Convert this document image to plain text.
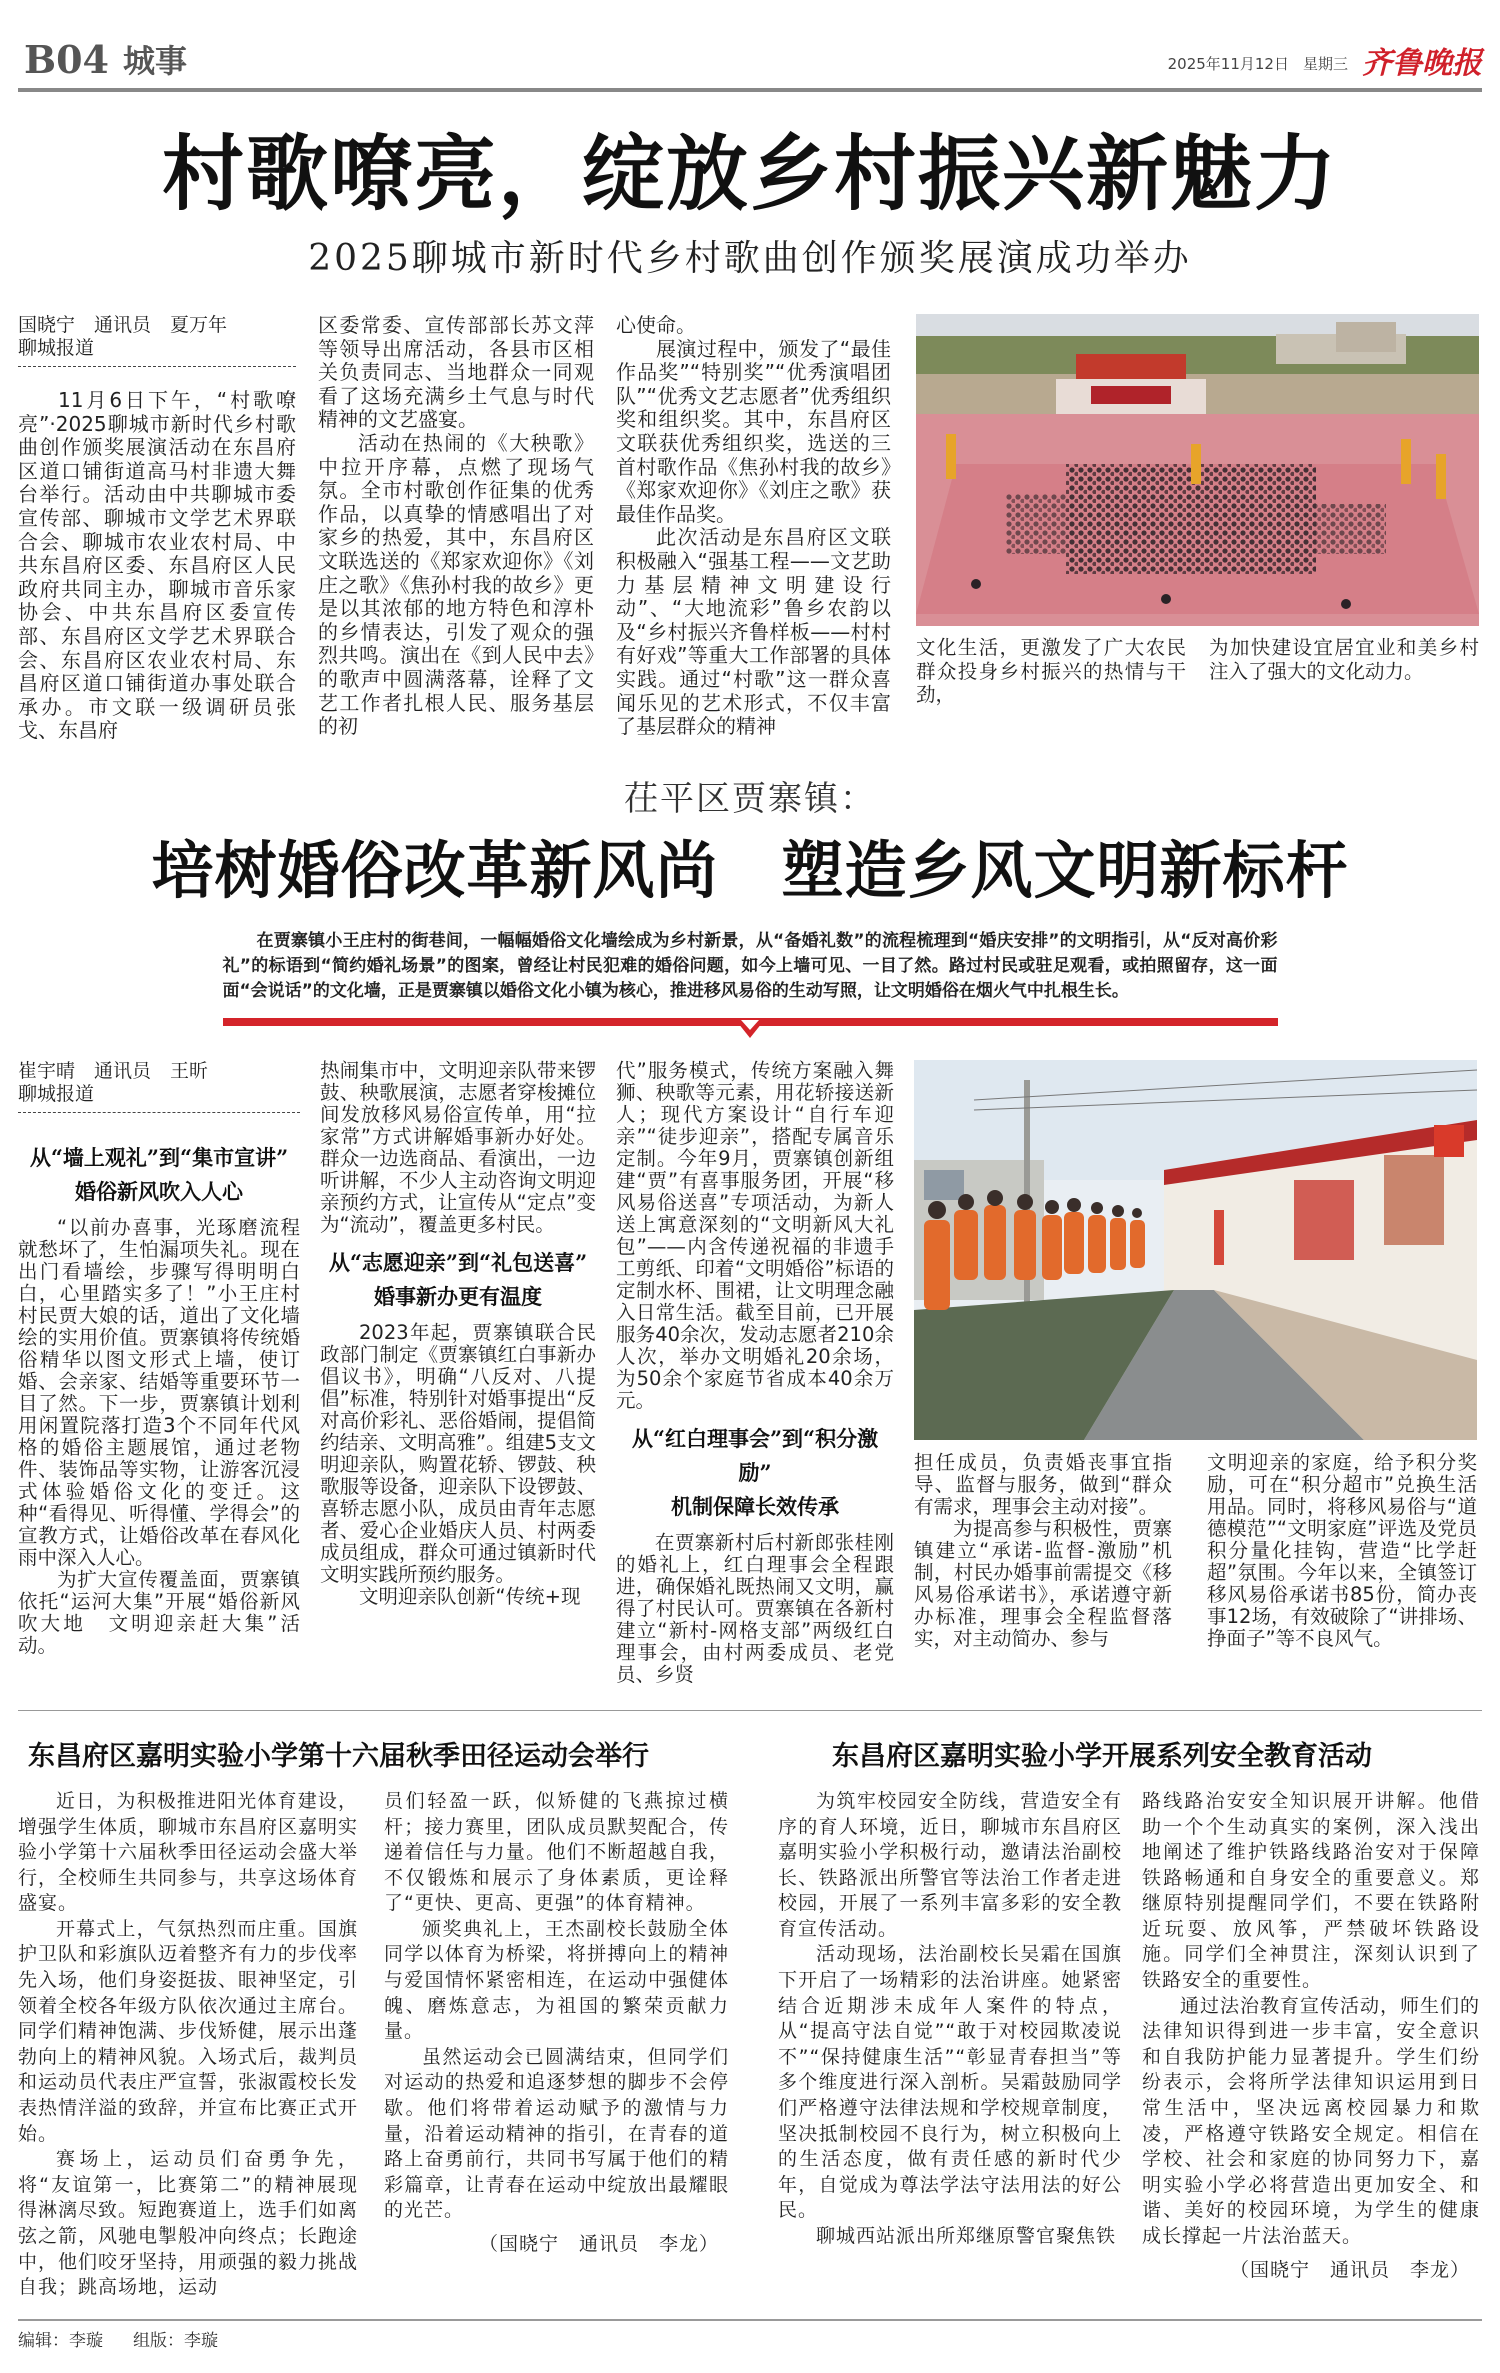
B04 城事	2025年11月12日 星期三 齐鲁晚报
村歌嘹亮，绽放乡村振兴新魅力
2025聊城市新时代乡村歌曲创作颁奖展演成功举办
国晓宁　通讯员　夏万年
聊城报道

11月6日下午，“村歌嘹亮”·2025聊城市新时代乡村歌曲创作颁奖展演活动在东昌府区道口铺街道高马村非遗大舞台举行。活动由中共聊城市委宣传部、聊城市文学艺术界联合会、聊城市农业农村局、中共东昌府区委、东昌府区人民政府共同主办，聊城市音乐家协会、中共东昌府区委宣传部、东昌府区文学艺术界联合会、东昌府区农业农村局、东昌府区道口铺街道办事处联合承办。市文联一级调研员张戈、东昌府

区委常委、宣传部部长苏文萍等领导出席活动，各县市区相关负责同志、当地群众一同观看了这场充满乡土气息与时代精神的文艺盛宴。

活动在热闹的《大秧歌》中拉开序幕，点燃了现场气氛。全市村歌创作征集的优秀作品，以真挚的情感唱出了对家乡的热爱，其中，东昌府区文联选送的《郑家欢迎你》《刘庄之歌》《焦孙村我的故乡》更是以其浓郁的地方特色和淳朴的乡情表达，引发了观众的强烈共鸣。演出在《到人民中去》的歌声中圆满落幕，诠释了文艺工作者扎根人民、服务基层的初

心使命。

展演过程中，颁发了“最佳作品奖”“特别奖”“优秀演唱团队”“优秀文艺志愿者”优秀组织奖和组织奖。其中，东昌府区文联获优秀组织奖，选送的三首村歌作品《焦孙村我的故乡》《郑家欢迎你》《刘庄之歌》获最佳作品奖。

此次活动是东昌府区文联积极融入“强基工程——文艺助力基层精神文明建设行动”、“大地流彩”鲁乡农韵以及“乡村振兴齐鲁样板——村村有好戏”等重大工作部署的具体实践。通过“村歌”这一群众喜闻乐见的艺术形式，不仅丰富了基层群众的精神

文化生活，更激发了广大农民群众投身乡村振兴的热情与干劲，

为加快建设宜居宜业和美乡村注入了强大的文化动力。

茌平区贾寨镇：
培树婚俗改革新风尚　塑造乡风文明新标杆
在贾寨镇小王庄村的街巷间，一幅幅婚俗文化墙绘成为乡村新景，从“备婚礼数”的流程梳理到“婚庆安排”的文明指引，从“反对高价彩礼”的标语到“简约婚礼场景”的图案，曾经让村民犯难的婚俗问题，如今上墙可见、一目了然。路过村民或驻足观看，或拍照留存，这一面面“会说话”的文化墙，正是贾寨镇以婚俗文化小镇为核心，推进移风易俗的生动写照，让文明婚俗在烟火气中扎根生长。
崔宇晴　通讯员　王昕
聊城报道
从“墙上观礼”到“集市宣讲”
婚俗新风吹入人心

“以前办喜事，光琢磨流程就愁坏了，生怕漏项失礼。现在出门看墙绘，步骤写得明明白白，心里踏实多了！”小王庄村村民贾大娘的话，道出了文化墙绘的实用价值。贾寨镇将传统婚俗精华以图文形式上墙，使订婚、会亲家、结婚等重要环节一目了然。下一步，贾寨镇计划利用闲置院落打造3个不同年代风格的婚俗主题展馆，通过老物件、装饰品等实物，让游客沉浸式体验婚俗文化的变迁。这种“看得见、听得懂、学得会”的宣教方式，让婚俗改革在春风化雨中深入人心。

为扩大宣传覆盖面，贾寨镇依托“运河大集”开展“婚俗新风吹大地　文明迎亲赶大集”活动。

热闹集市中，文明迎亲队带来锣鼓、秧歌展演，志愿者穿梭摊位间发放移风易俗宣传单，用“拉家常”方式讲解婚事新办好处。群众一边选商品、看演出，一边听讲解，不少人主动咨询文明迎亲预约方式，让宣传从“定点”变为“流动”，覆盖更多村民。

从“志愿迎亲”到“礼包送喜”
婚事新办更有温度

2023年起，贾寨镇联合民政部门制定《贾寨镇红白事新办倡议书》，明确“八反对、八提倡”标准，特别针对婚事提出“反对高价彩礼、恶俗婚闹，提倡简约结亲、文明高雅”。组建5支文明迎亲队，购置花轿、锣鼓、秧歌服等设备，迎亲队下设锣鼓、喜轿志愿小队，成员由青年志愿者、爱心企业婚庆人员、村两委成员组成，群众可通过镇新时代文明实践所预约服务。

文明迎亲队创新“传统+现

代”服务模式，传统方案融入舞狮、秧歌等元素，用花轿接送新人；现代方案设计“自行车迎亲”“徒步迎亲”，搭配专属音乐定制。今年9月，贾寨镇创新组建“贾”有喜事服务团，开展“移风易俗送喜”专项活动，为新人送上寓意深刻的“文明新风大礼包”——内含传递祝福的非遗手工剪纸、印着“文明婚俗”标语的定制水杯、围裙，让文明理念融入日常生活。截至目前，已开展服务40余次，发动志愿者210余人次，举办文明婚礼20余场，为50余个家庭节省成本40余万元。

从“红白理事会”到“积分激励”
机制保障长效传承

在贾寨新村后村新郎张桂刚的婚礼上，红白理事会全程跟进，确保婚礼既热闹又文明，赢得了村民认可。贾寨镇在各新村建立“新村-网格支部”两级红白理事会，由村两委成员、老党员、乡贤

担任成员，负责婚丧事宜指导、监督与服务，做到“群众有需求，理事会主动对接”。

为提高参与积极性，贾寨镇建立“承诺-监督-激励”机制，村民办婚事前需提交《移风易俗承诺书》，承诺遵守新办标准，理事会全程监督落实，对主动简办、参与

文明迎亲的家庭，给予积分奖励，可在“积分超市”兑换生活用品。同时，将移风易俗与“道德模范”“文明家庭”评选及党员积分量化挂钩，营造“比学赶超”氛围。今年以来，全镇签订移风易俗承诺书85份，简办丧事12场，有效破除了“讲排场、挣面子”等不良风气。

东昌府区嘉明实验小学第十六届秋季田径运动会举行

近日，为积极推进阳光体育建设，增强学生体质，聊城市东昌府区嘉明实验小学第十六届秋季田径运动会盛大举行，全校师生共同参与，共享这场体育盛宴。

开幕式上，气氛热烈而庄重。国旗护卫队和彩旗队迈着整齐有力的步伐率先入场，他们身姿挺拔、眼神坚定，引领着全校各年级方队依次通过主席台。同学们精神饱满、步伐矫健，展示出蓬勃向上的精神风貌。入场式后，裁判员和运动员代表庄严宣誓，张淑霞校长发表热情洋溢的致辞，并宣布比赛正式开始。

赛场上，运动员们奋勇争先，将“友谊第一，比赛第二”的精神展现得淋漓尽致。短跑赛道上，选手们如离弦之箭，风驰电掣般冲向终点；长跑途中，他们咬牙坚持，用顽强的毅力挑战自我；跳高场地，运动

员们轻盈一跃，似矫健的飞燕掠过横杆；接力赛里，团队成员默契配合，传递着信任与力量。他们不断超越自我，不仅锻炼和展示了身体素质，更诠释了“更快、更高、更强”的体育精神。

颁奖典礼上，王杰副校长鼓励全体同学以体育为桥梁，将拼搏向上的精神与爱国情怀紧密相连，在运动中强健体魄、磨炼意志，为祖国的繁荣贡献力量。

虽然运动会已圆满结束，但同学们对运动的热爱和追逐梦想的脚步不会停歇。他们将带着运动赋予的激情与力量，沿着运动精神的指引，在青春的道路上奋勇前行，共同书写属于他们的精彩篇章，让青春在运动中绽放出最耀眼的光芒。

（国晓宁　通讯员　李龙）
东昌府区嘉明实验小学开展系列安全教育活动

为筑牢校园安全防线，营造安全有序的育人环境，近日，聊城市东昌府区嘉明实验小学积极行动，邀请法治副校长、铁路派出所警官等法治工作者走进校园，开展了一系列丰富多彩的安全教育宣传活动。

活动现场，法治副校长吴霜在国旗下开启了一场精彩的法治讲座。她紧密结合近期涉未成年人案件的特点，从“提高守法自觉”“敢于对校园欺凌说不”“保持健康生活”“彰显青春担当”等多个维度进行深入剖析。吴霜鼓励同学们严格遵守法律法规和学校规章制度，坚决抵制校园不良行为，树立积极向上的生活态度，做有责任感的新时代少年，自觉成为尊法学法守法用法的好公民。

聊城西站派出所郑继原警官聚焦铁

路线路治安安全知识展开讲解。他借助一个个生动真实的案例，深入浅出地阐述了维护铁路线路治安对于保障铁路畅通和自身安全的重要意义。郑继原特别提醒同学们，不要在铁路附近玩耍、放风筝，严禁破坏铁路设施。同学们全神贯注，深刻认识到了铁路安全的重要性。

通过法治教育宣传活动，师生们的法律知识得到进一步丰富，安全意识和自我防护能力显著提升。学生们纷纷表示，会将所学法律知识运用到日常生活中，坚决远离校园暴力和欺凌，严格遵守铁路安全规定。相信在学校、社会和家庭的协同努力下，嘉明实验小学必将营造出更加安全、和谐、美好的校园环境，为学生的健康成长撑起一片法治蓝天。

（国晓宁　通讯员　李龙）
编辑：李璇 组版：李璇
